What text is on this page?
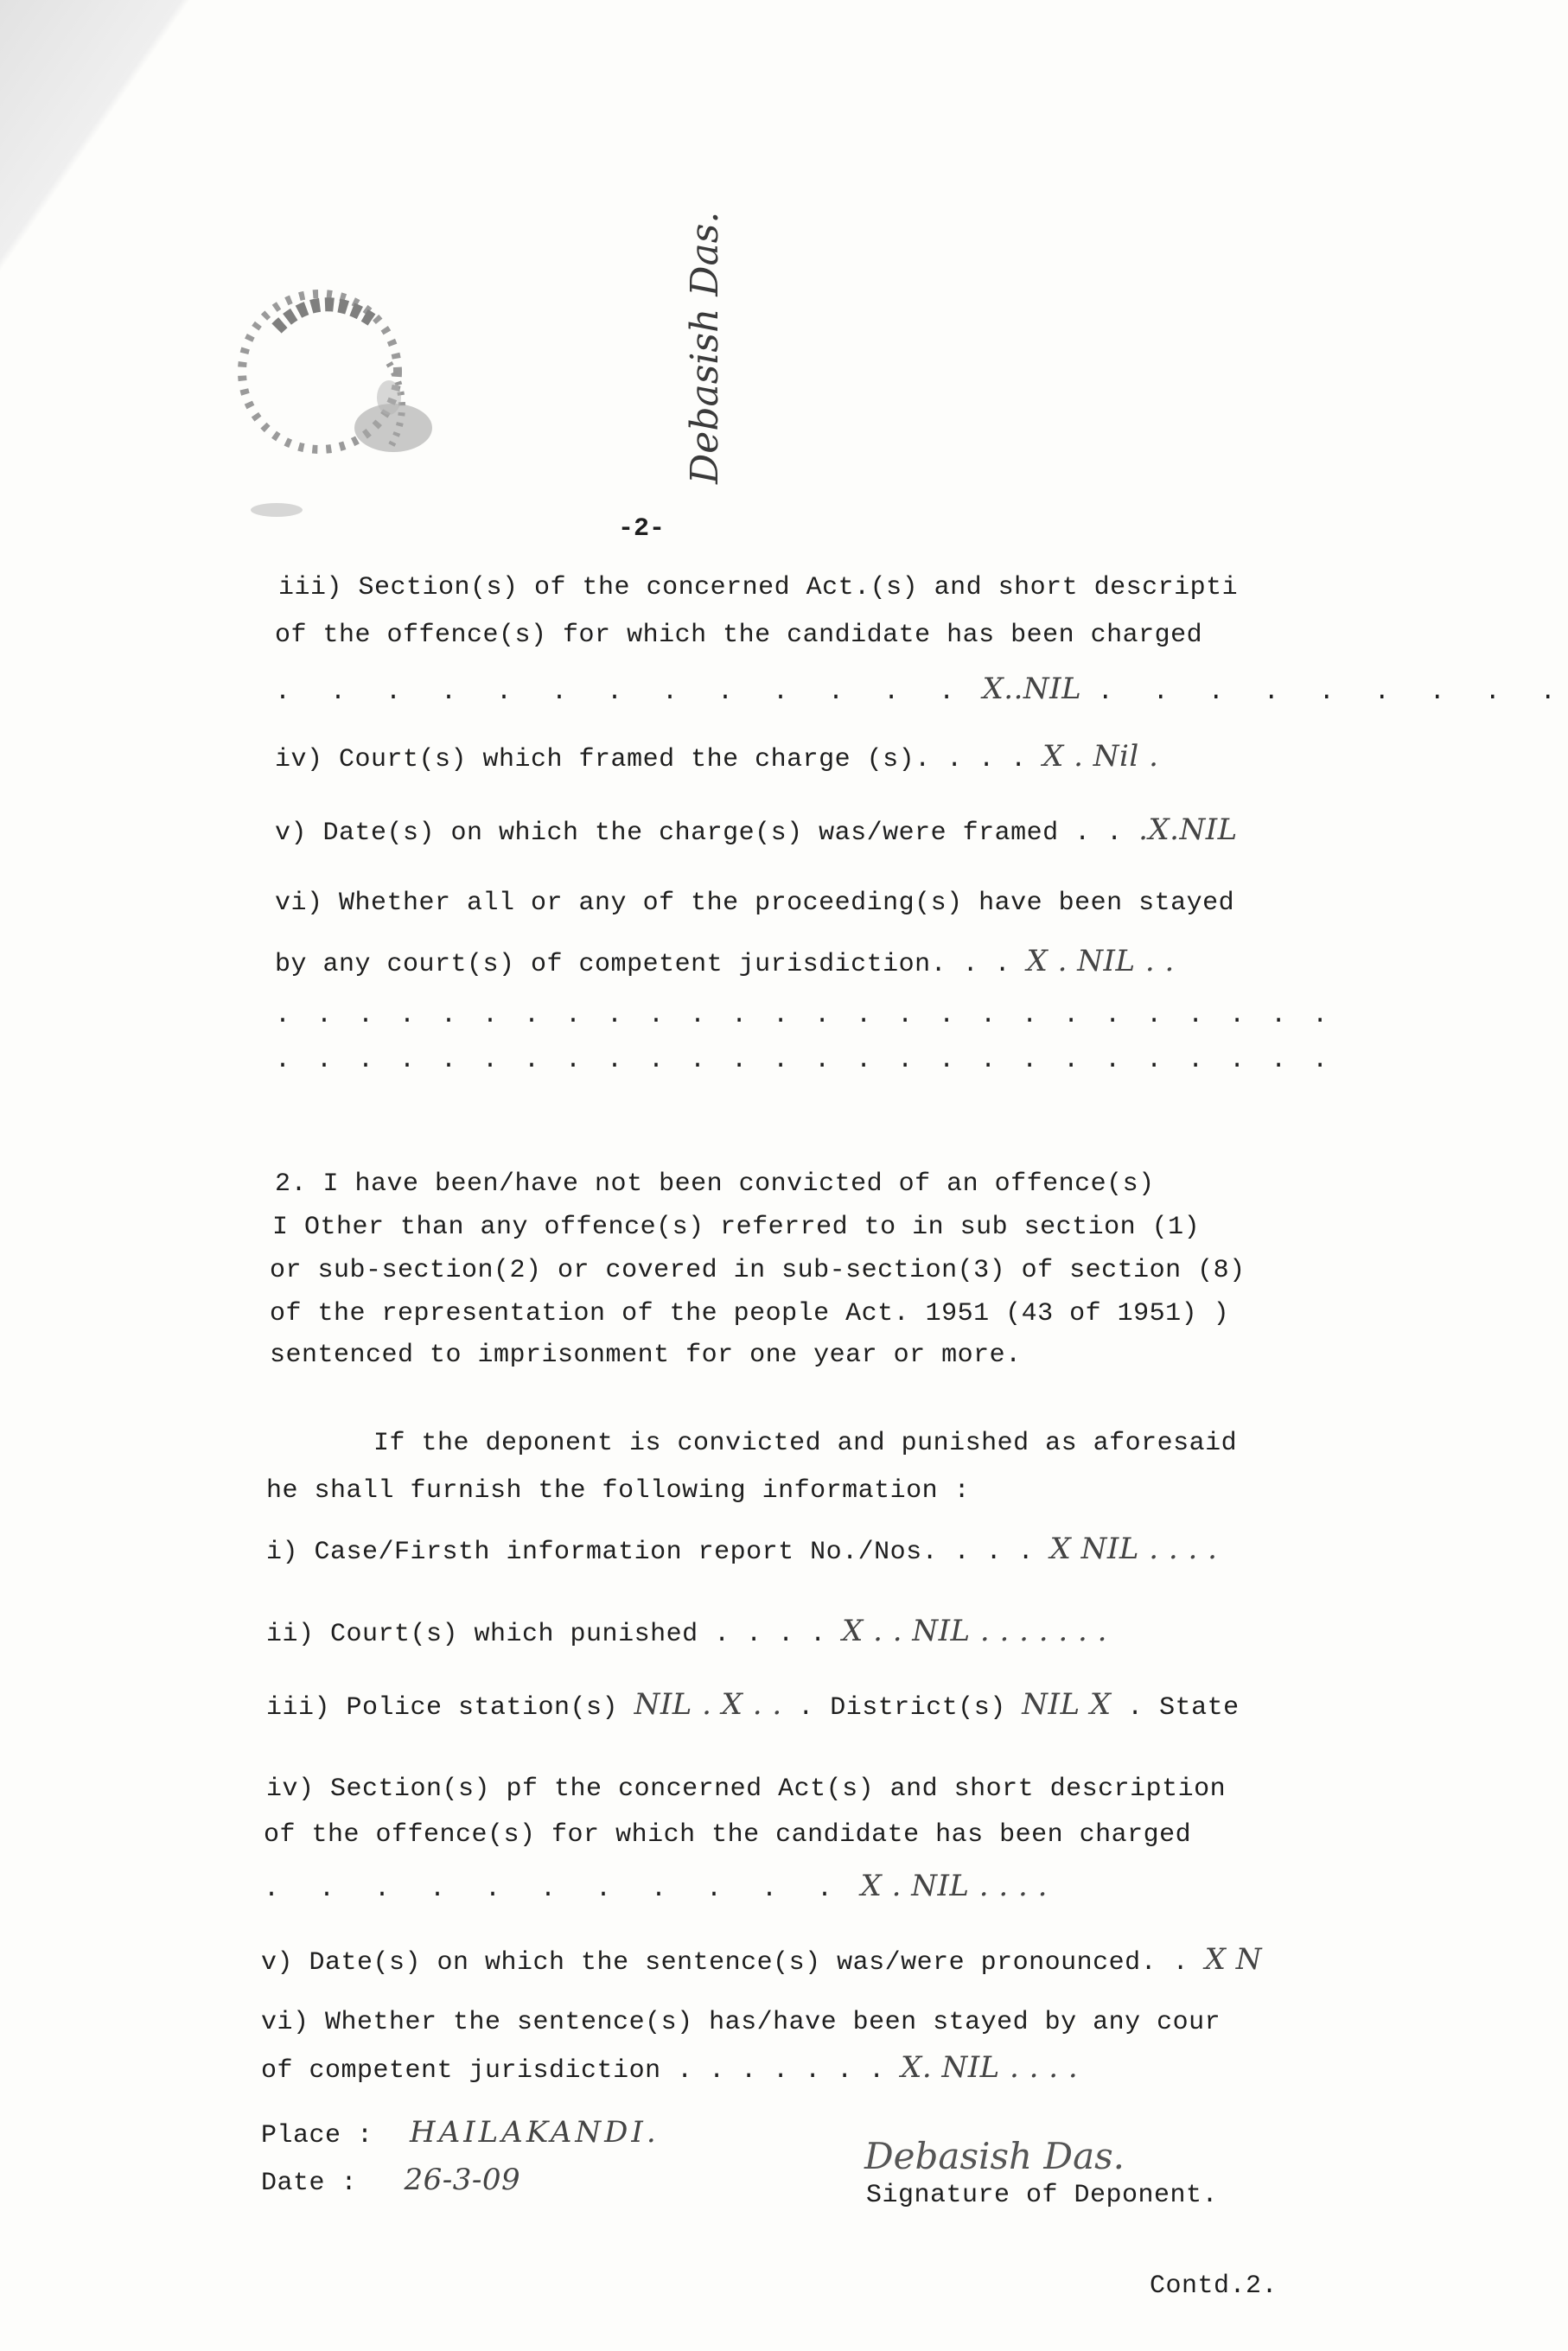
Debasish Das.
-2-
iii) Section(s) of the concerned Act.(s) and short descripti
of the offence(s) for which the candidate has been charged
. . . . . . . . . . . . . X..NIL . . . . . . . . .
iv) Court(s) which framed the charge (s). . . . X . Nil .
v) Date(s) on which the charge(s) was/were framed . . .X.NIL
vi) Whether all or any of the proceeding(s) have been stayed
by any court(s) of competent jurisdiction. . . X . NIL . .
. . . . . . . . . . . . . . . . . . . . . . . . . .
. . . . . . . . . . . . . . . . . . . . . . . . . .
2. I have been/have not been convicted of an offence(s)
I Other than any offence(s) referred to in sub section (1)
or sub-section(2) or covered in sub-section(3) of section (8)
of the representation of the people Act. 1951 (43 of 1951) )
sentenced to imprisonment for one year or more.
If the deponent is convicted and punished as aforesaid
he shall furnish the following information :
i) Case/Firsth information report No./Nos. . . . X NIL . . . .
ii) Court(s) which punished . . . . X . . NIL . . . . . . .
iii) Police station(s) NIL . X . . . District(s) NIL X . State
iv) Section(s) pf the concerned Act(s) and short description
of the offence(s) for which the candidate has been charged
. . . . . . . . . . . X . NIL . . . .
v) Date(s) on which the sentence(s) was/were pronounced. . X N
vi) Whether the sentence(s) has/have been stayed by any cour
of competent jurisdiction . . . . . . . X. NIL . . . .
Place : HAILAKANDI.
Date : 26-3-09
Debasish Das.
Signature of Deponent.
Contd.2.
